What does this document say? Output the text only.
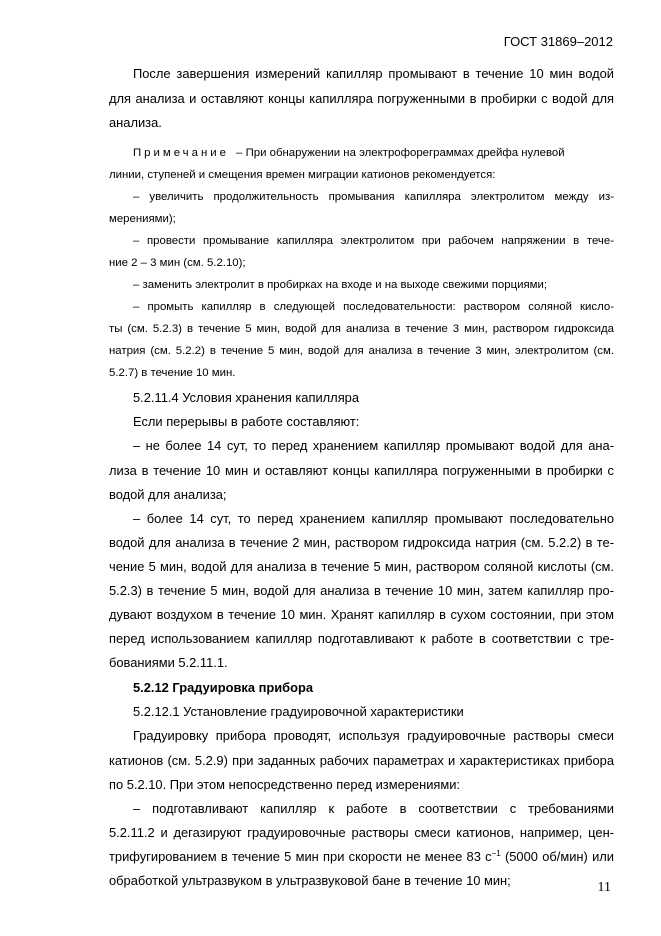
ГОСТ 31869–2012
После завершения измерений капилляр промывают в течение 10 мин водой
для анализа и оставляют концы капилляра погруженными в пробирки с водой для
анализа.
Примечание – При обнаружении на электрофореграммах дрейфа нулевой
линии, ступеней и смещения времен миграции катионов рекомендуется:
– увеличить продолжительность промывания капилляра электролитом между из-
мерениями);
– провести промывание капилляра электролитом при рабочем напряжении в тече-
ние 2 – 3 мин (см. 5.2.10);
– заменить электролит в пробирках на входе и на выходе свежими порциями;
– промыть капилляр в следующей последовательности: раствором соляной кисло-
ты (см. 5.2.3) в течение 5 мин, водой для анализа в течение 3 мин, раствором гидроксида
натрия (см. 5.2.2) в течение 5 мин, водой для анализа в течение 3 мин, электролитом (см.
5.2.7) в течение 10 мин.
5.2.11.4 Условия хранения капилляра
Если перерывы в работе составляют:
– не более 14 сут, то перед хранением капилляр промывают водой для ана-
лиза в течение 10 мин и оставляют концы капилляра погруженными в пробирки с
водой для анализа;
– более 14 сут, то перед хранением капилляр промывают последовательно
водой для анализа в течение 2 мин, раствором гидроксида натрия (см. 5.2.2) в те-
чение 5 мин, водой для анализа в течение 5 мин, раствором соляной кислоты (см.
5.2.3) в течение 5 мин, водой для анализа в течение 10 мин, затем капилляр про-
дувают воздухом в течение 10 мин. Хранят капилляр в сухом состоянии, при этом
перед использованием капилляр подготавливают к работе в соответствии с тре-
бованиями 5.2.11.1.
5.2.12 Градуировка прибора
5.2.12.1 Установление градуировочной характеристики
Градуировку прибора проводят, используя градуировочные растворы смеси
катионов (см. 5.2.9) при заданных рабочих параметрах и характеристиках прибора
по 5.2.10. При этом непосредственно перед измерениями:
– подготавливают капилляр к работе в соответствии с требованиями
5.2.11.2 и дегазируют градуировочные растворы смеси катионов, например, цен-
трифугированием в течение 5 мин при скорости не менее 83 $с^{-1}$ (5000 об/мин) или
обработкой ультразвуком в ультразвуковой бане в течение 10 мин;	11
